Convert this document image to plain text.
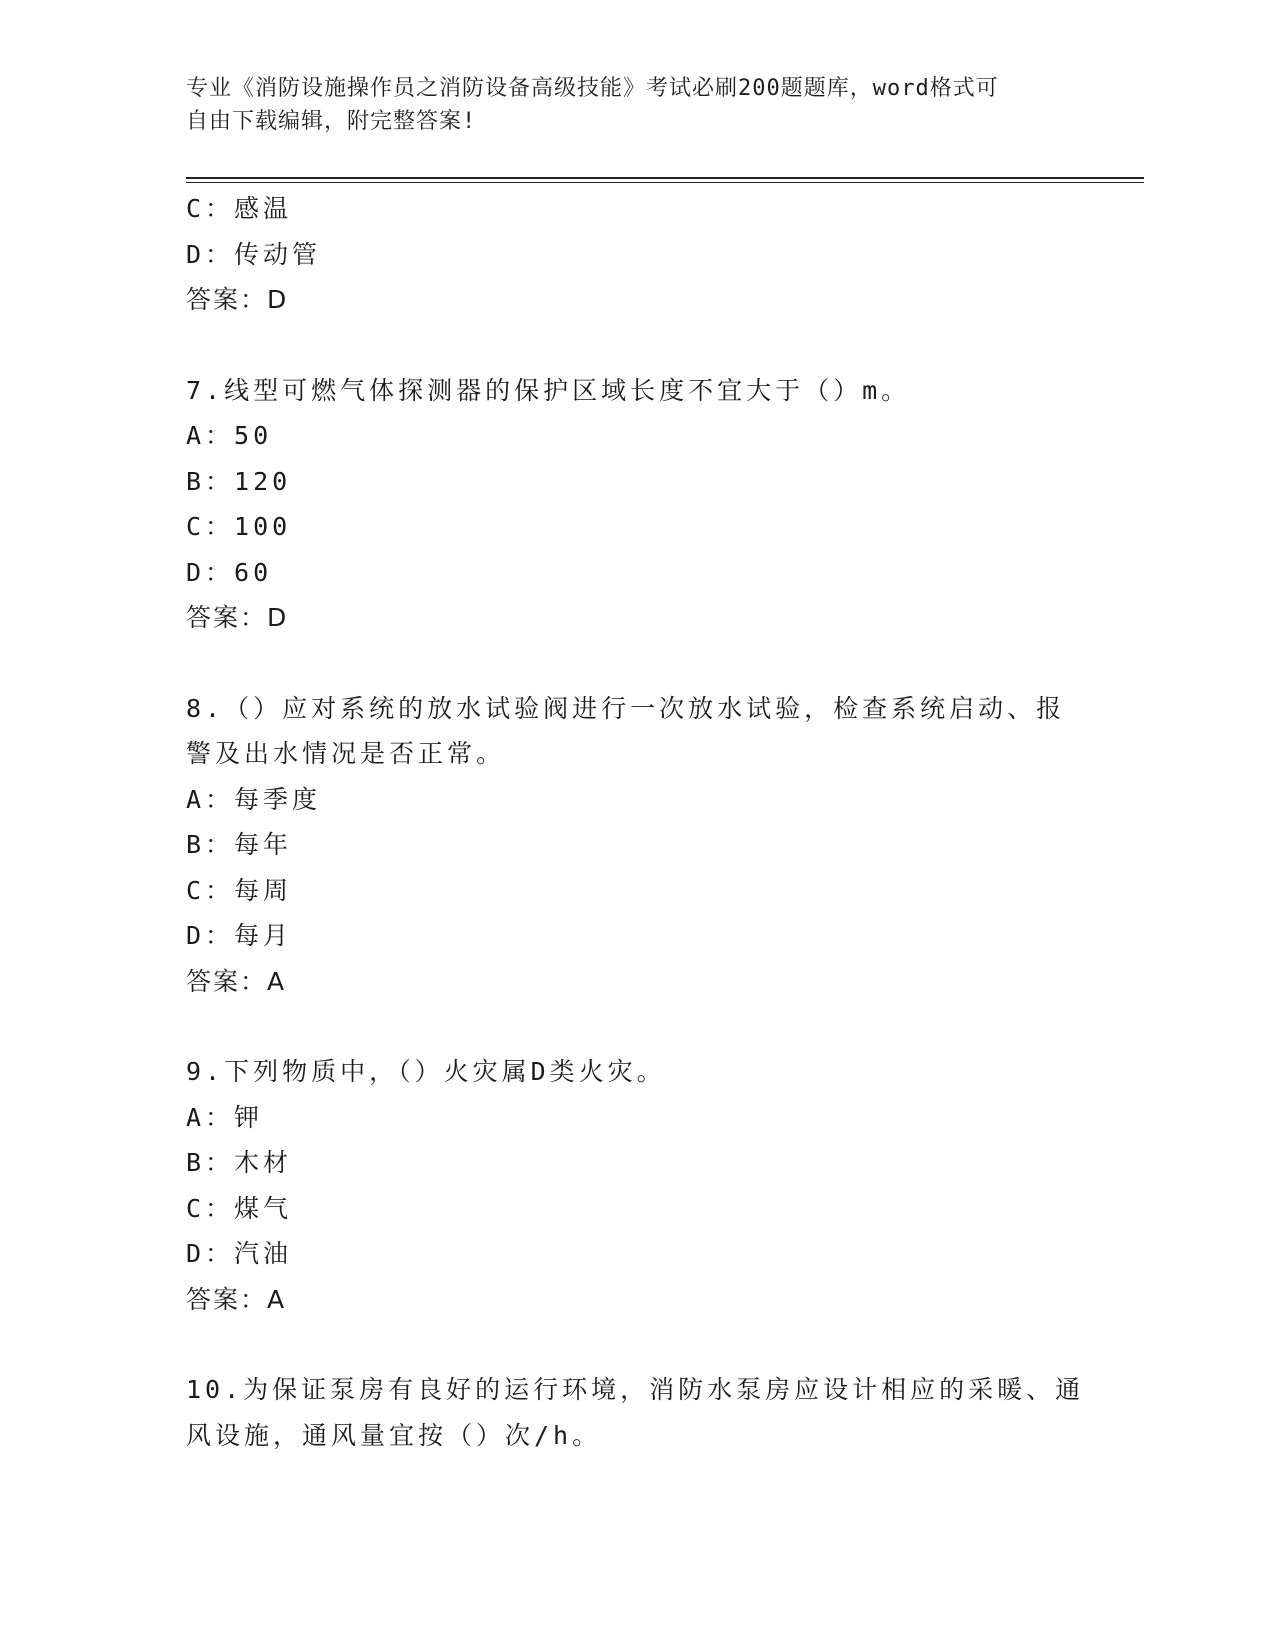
专业《消防设施操作员之消防设备高级技能》考试必刷200题题库，word格式可
自由下载编辑，附完整答案!
C：感温
D：传动管
答案：D
7.线型可燃气体探测器的保护区域长度不宜大于（）m。
A：50
B：120
C：100
D：60
答案：D
8.（）应对系统的放水试验阀进行一次放水试验，检查系统启动、报
警及出水情况是否正常。
A：每季度
B：每年
C：每周
D：每月
答案：A
9.下列物质中，（）火灾属D类火灾。
A：钾
B：木材
C：煤气
D：汽油
答案：A
10.为保证泵房有良好的运行环境，消防水泵房应设计相应的采暖、通
风设施，通风量宜按（）次/h。
